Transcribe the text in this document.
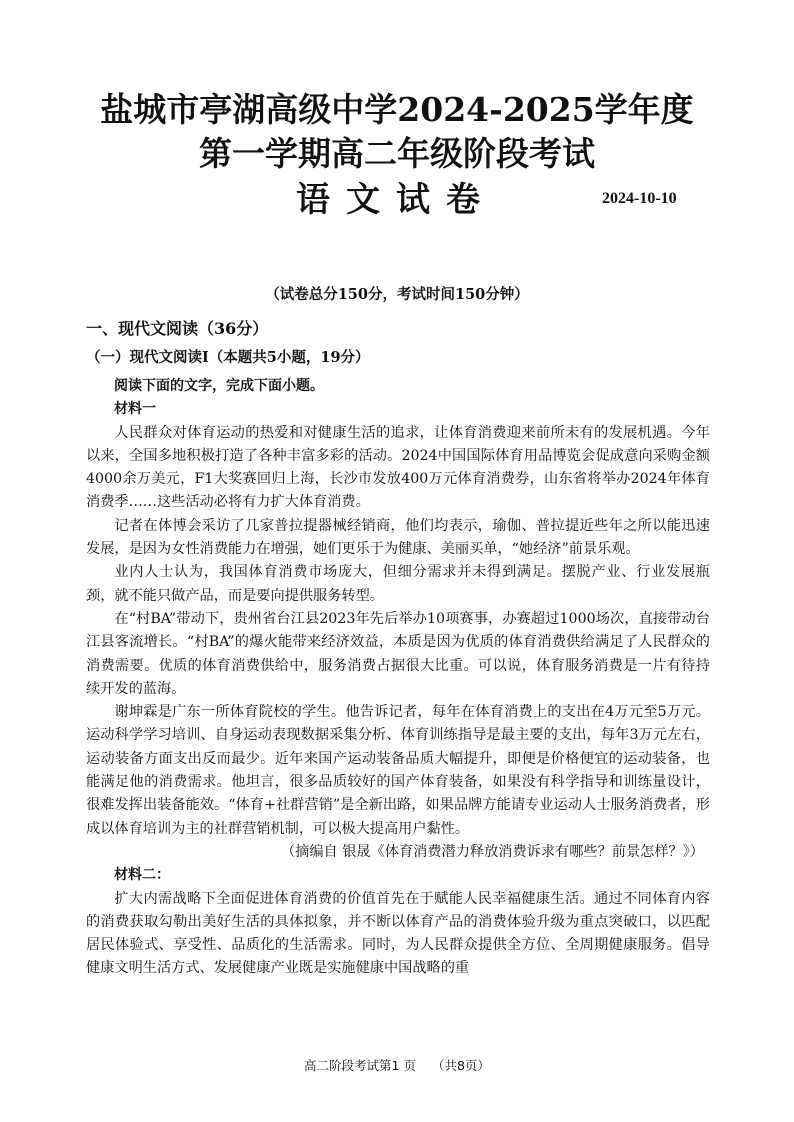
盐城市亭湖高级中学2024-2025学年度
第一学期高二年级阶段考试
语文试卷	2024-10-10
（试卷总分150分，考试时间150分钟）
一、现代文阅读（36分）
（一）现代文阅读I（本题共5小题，19分）

阅读下面的文字，完成下面小题。

材料一

人民群众对体育运动的热爱和对健康生活的追求，让体育消费迎来前所未有的发展机遇。今年以来，全国多地积极打造了各种丰富多彩的活动。2024中国国际体育用品博览会促成意向采购金额4000余万美元，F1大奖赛回归上海，长沙市发放400万元体育消费券，山东省将举办2024年体育消费季……这些活动必将有力扩大体育消费。

记者在体博会采访了几家普拉提器械经销商，他们均表示，瑜伽、普拉提近些年之所以能迅速发展，是因为女性消费能力在增强，她们更乐于为健康、美丽买单，“她经济”前景乐观。

业内人士认为，我国体育消费市场庞大，但细分需求并未得到满足。摆脱产业、行业发展瓶颈，就不能只做产品，而是要向提供服务转型。

在“村BA”带动下，贵州省台江县2023年先后举办10项赛事，办赛超过1000场次，直接带动台江县客流增长。“村BA”的爆火能带来经济效益，本质是因为优质的体育消费供给满足了人民群众的消费需要。优质的体育消费供给中，服务消费占据很大比重。可以说，体育服务消费是一片有待持续开发的蓝海。

谢坤霖是广东一所体育院校的学生。他告诉记者，每年在体育消费上的支出在4万元至5万元。运动科学学习培训、自身运动表现数据采集分析、体育训练指导是最主要的支出，每年3万元左右，运动装备方面支出反而最少。近年来国产运动装备品质大幅提升，即便是价格便宜的运动装备，也能满足他的消费需求。他坦言，很多品质较好的国产体育装备，如果没有科学指导和训练量设计，很难发挥出装备能效。“体育+社群营销”是全新出路，如果品牌方能请专业运动人士服务消费者，形成以体育培训为主的社群营销机制，可以极大提高用户黏性。

（摘编自 银晟《体育消费潜力释放消费诉求有哪些？前景怎样？》）

材料二：

扩大内需战略下全面促进体育消费的价值首先在于赋能人民幸福健康生活。通过不同体育内容的消费获取勾勒出美好生活的具体拟象，并不断以体育产品的消费体验升级为重点突破口，以匹配居民体验式、享受性、品质化的生活需求。同时，为人民群众提供全方位、全周期健康服务。倡导健康文明生活方式、发展健康产业既是实施健康中国战略的重

高二阶段考试第1 页 （共8页）
